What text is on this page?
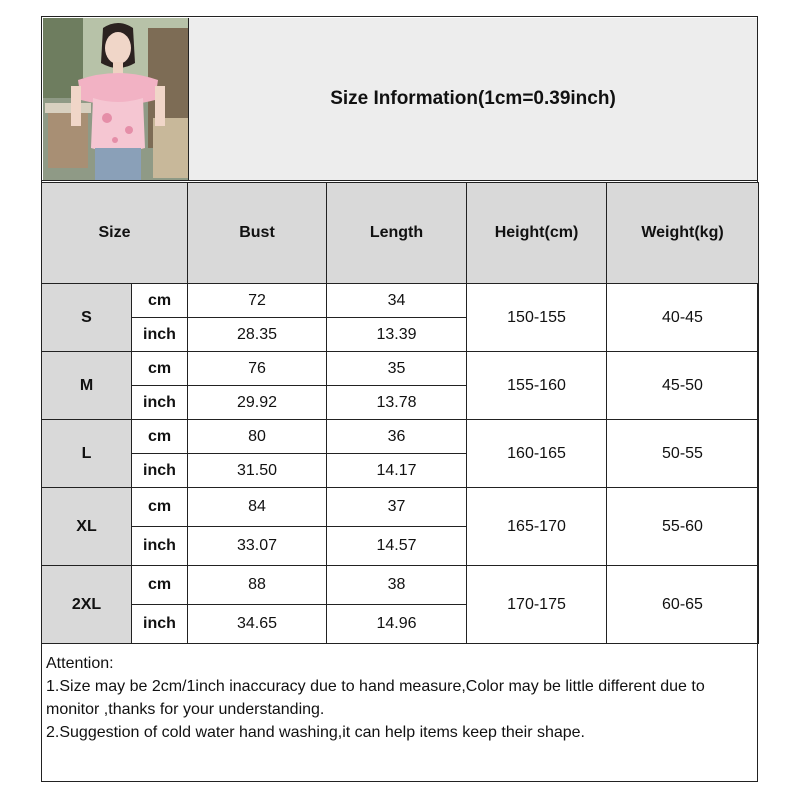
Size Information(1cm=0.39inch)
Size		Bust	Length	Height(cm)	Weight(kg)
S	cm	72	34	150-155	40-45
	inch	28.35	13.39		
M	cm	76	35	155-160	45-50
	inch	29.92	13.78		
L	cm	80	36	160-165	50-55
	inch	31.50	14.17		
XL	cm	84	37	165-170	55-60
	inch	33.07	14.57		
2XL	cm	88	38	170-175	60-65
	inch	34.65	14.96		
Attention:
1.Size may be 2cm/1inch inaccuracy due to hand measure,Color may be little different due to monitor ,thanks for your understanding.
2.Suggestion of cold water hand washing,it can help items keep their shape.
